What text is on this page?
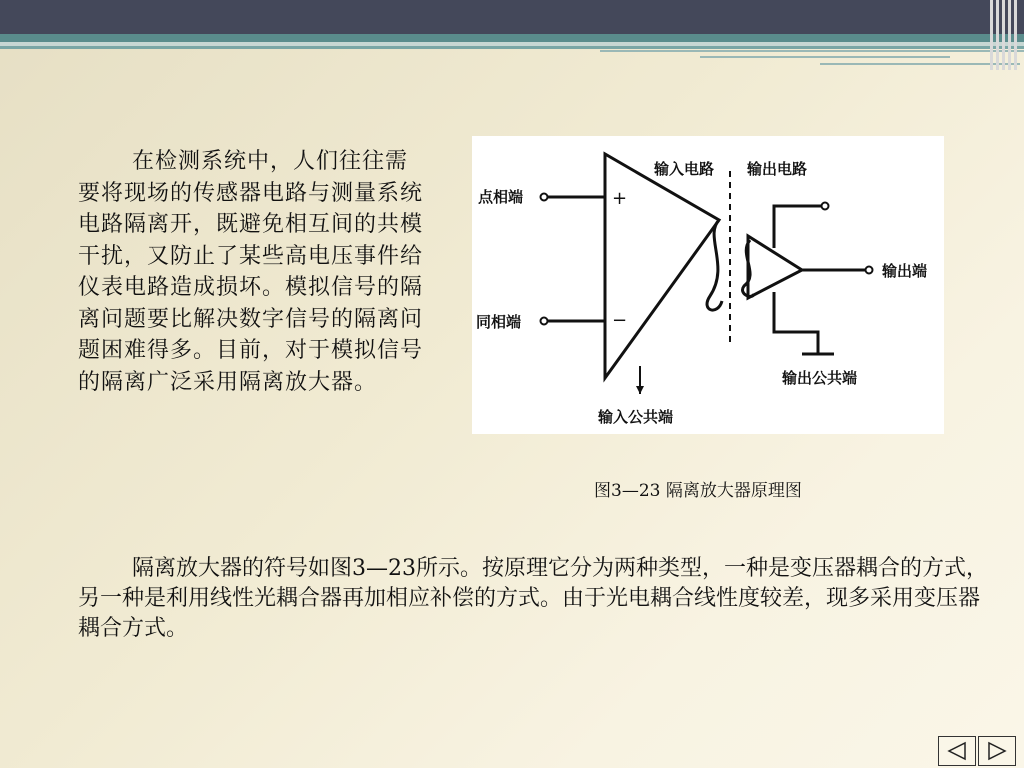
在检测系统中，人们往往需要将现场的传感器电路与测量系统电路隔离开，既避免相互间的共模干扰，又防止了某些高电压事件给仪表电路造成损坏。模拟信号的隔离问题要比解决数字信号的隔离问题困难得多。目前，对于模拟信号的隔离广泛采用隔离放大器。
点相端
同相端
输入电路 输出电路
输出端
输出公共端
输入公共端
+
−
图3—23 隔离放大器原理图
隔离放大器的符号如图3—23所示。按原理它分为两种类型，一种是变压器耦合的方式，另一种是利用线性光耦合器再加相应补偿的方式。由于光电耦合线性度较差，现多采用变压器耦合方式。
